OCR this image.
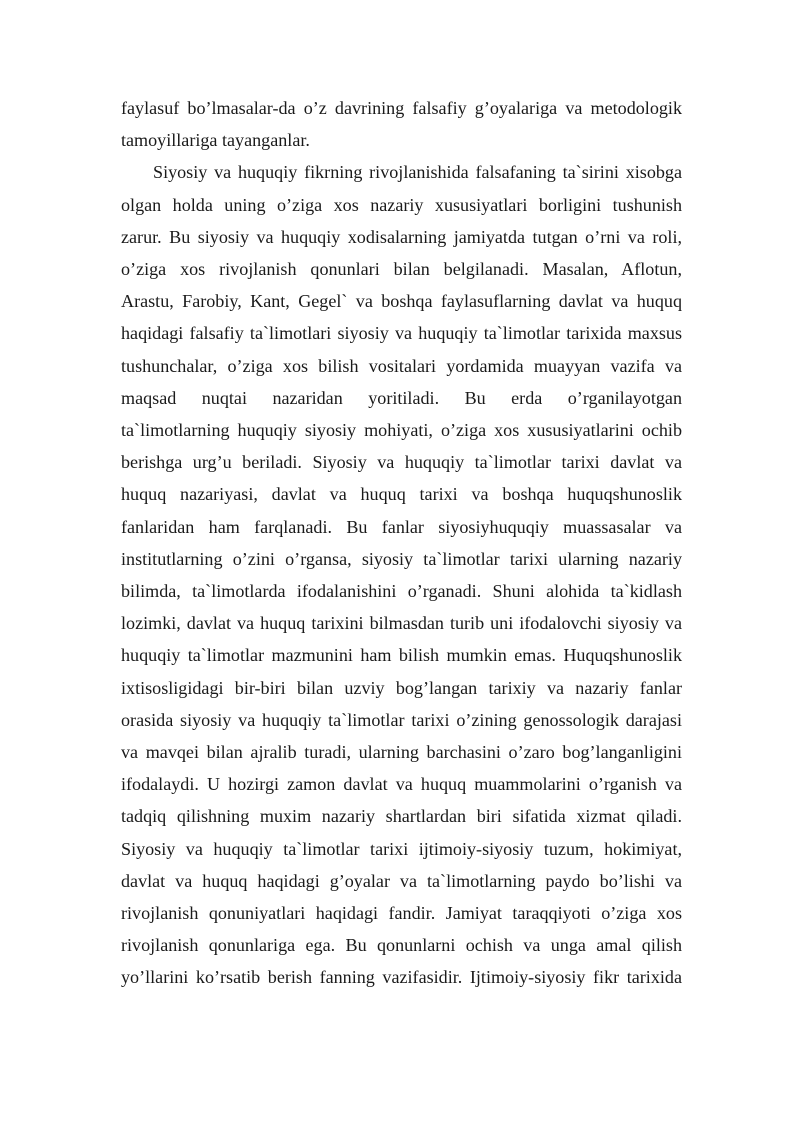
faylasuf bo’lmasalar-da o’z davrining falsafiy g’oyalariga va metodologik
tamoyillariga tayanganlar.

Siyosiy va huquqiy fikrning rivojlanishida falsafaning ta`sirini xisobga
olgan holda uning o’ziga xos nazariy xususiyatlari borligini tushunish
zarur. Bu siyosiy va huquqiy xodisalarning jamiyatda tutgan o’rni va roli,
o’ziga xos rivojlanish qonunlari bilan belgilanadi. Masalan, Aflotun,
Arastu, Farobiy, Kant, Gegel` va boshqa faylasuflarning davlat va huquq
haqidagi falsafiy ta`limotlari siyosiy va huquqiy ta`limotlar tarixida maxsus
tushunchalar, o’ziga xos bilish vositalari yordamida muayyan vazifa va
maqsad nuqtai nazaridan yoritiladi. Bu erda o’rganilayotgan
ta`limotlarning huquqiy siyosiy mohiyati, o’ziga xos xususiyatlarini ochib
berishga urg’u beriladi. Siyosiy va huquqiy ta`limotlar tarixi davlat va
huquq nazariyasi, davlat va huquq tarixi va boshqa huquqshunoslik
fanlaridan ham farqlanadi. Bu fanlar siyosiyhuquqiy muassasalar va
institutlarning o’zini o’rgansa, siyosiy ta`limotlar tarixi ularning nazariy
bilimda, ta`limotlarda ifodalanishini o’rganadi. Shuni alohida ta`kidlash
lozimki, davlat va huquq tarixini bilmasdan turib uni ifodalovchi siyosiy va
huquqiy ta`limotlar mazmunini ham bilish mumkin emas. Huquqshunoslik
ixtisosligidagi bir-biri bilan uzviy bog’langan tarixiy va nazariy fanlar
orasida siyosiy va huquqiy ta`limotlar tarixi o’zining genossologik darajasi
va mavqei bilan ajralib turadi, ularning barchasini o’zaro bog’langanligini
ifodalaydi. U hozirgi zamon davlat va huquq muammolarini o’rganish va
tadqiq qilishning muxim nazariy shartlardan biri sifatida xizmat qiladi.
Siyosiy va huquqiy ta`limotlar tarixi ijtimoiy-siyosiy tuzum, hokimiyat,
davlat va huquq haqidagi g’oyalar va ta`limotlarning paydo bo’lishi va
rivojlanish qonuniyatlari haqidagi fandir. Jamiyat taraqqiyoti o’ziga xos
rivojlanish qonunlariga ega. Bu qonunlarni ochish va unga amal qilish
yo’llarini ko’rsatib berish fanning vazifasidir. Ijtimoiy-siyosiy fikr tarixida
